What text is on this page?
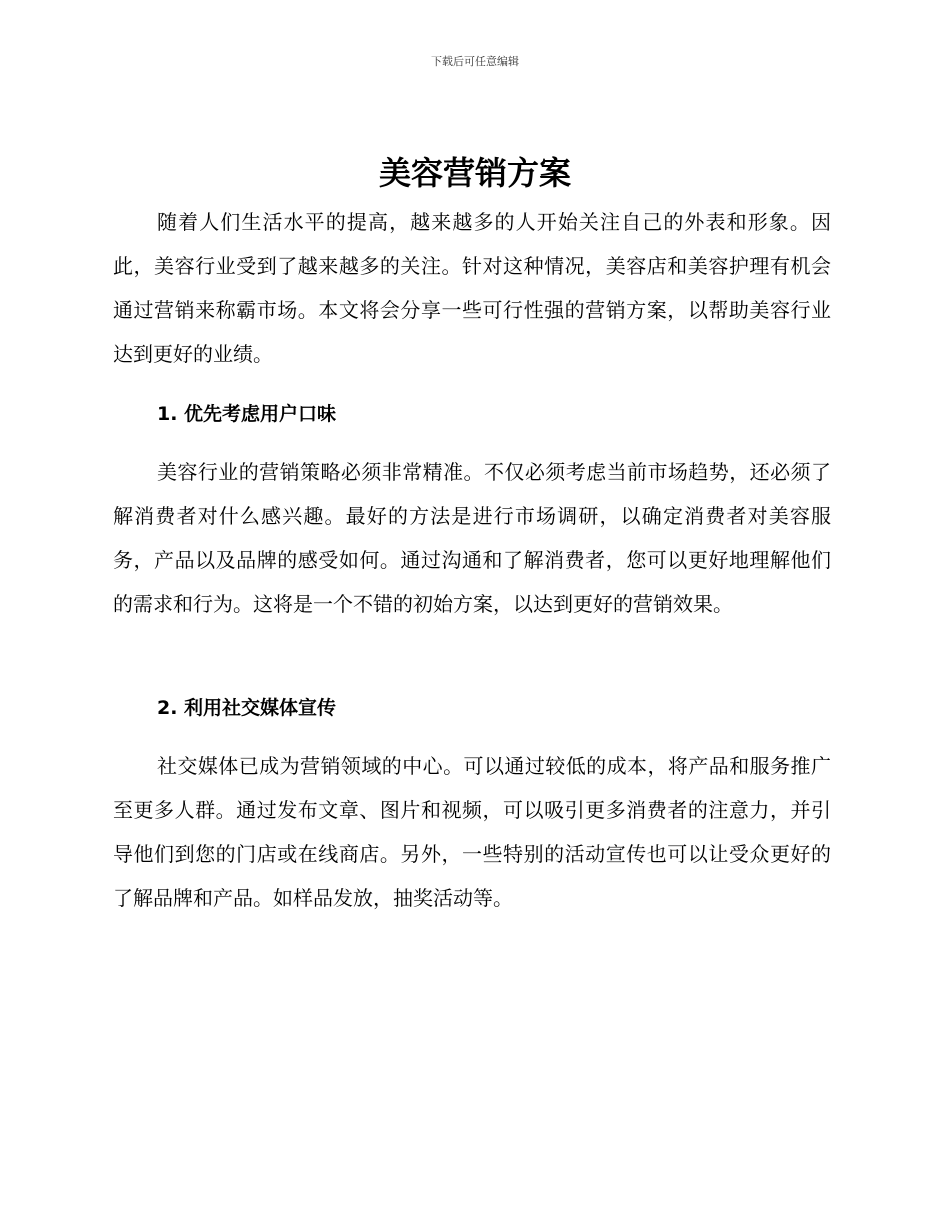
下载后可任意编辑
美容营销方案

随着人们生活水平的提高，越来越多的人开始关注自己的外表和形象。因此，美容行业受到了越来越多的关注。针对这种情况，美容店和美容护理有机会通过营销来称霸市场。本文将会分享一些可行性强的营销方案，以帮助美容行业达到更好的业绩。

1. 优先考虑用户口味

美容行业的营销策略必须非常精准。不仅必须考虑当前市场趋势，还必须了解消费者对什么感兴趣。最好的方法是进行市场调研，以确定消费者对美容服务，产品以及品牌的感受如何。通过沟通和了解消费者，您可以更好地理解他们的需求和行为。这将是一个不错的初始方案，以达到更好的营销效果。

2. 利用社交媒体宣传

社交媒体已成为营销领域的中心。可以通过较低的成本，将产品和服务推广至更多人群。通过发布文章、图片和视频，可以吸引更多消费者的注意力，并引导他们到您的门店或在线商店。另外，一些特别的活动宣传也可以让受众更好的了解品牌和产品。如样品发放，抽奖活动等。
